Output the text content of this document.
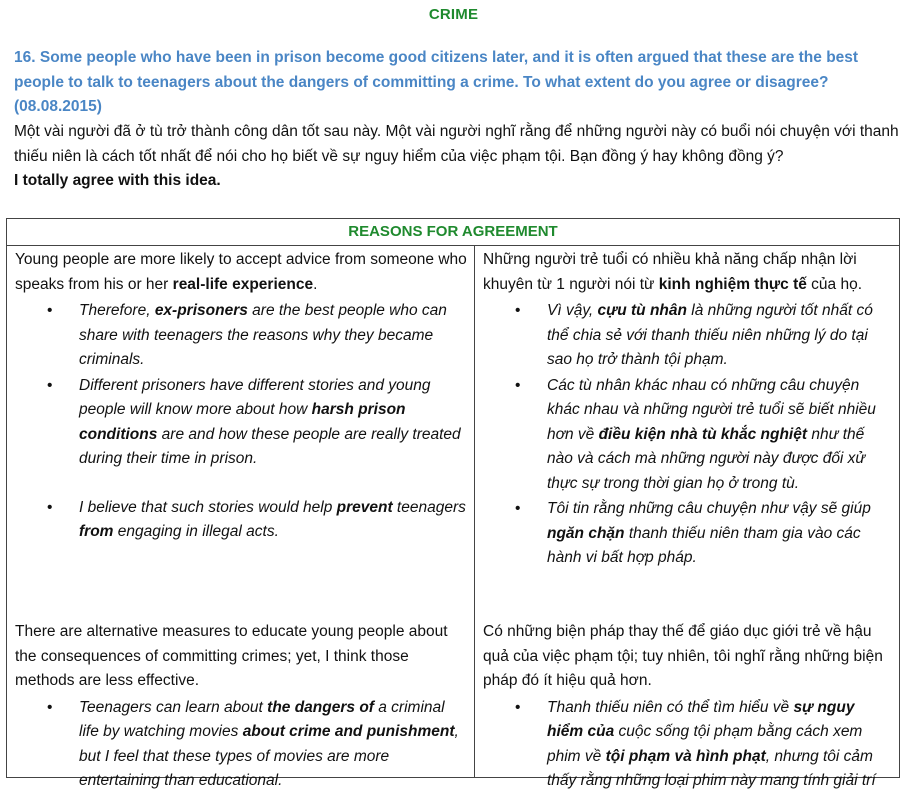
CRIME
16. Some people who have been in prison become good citizens later, and it is often argued that these are the best people to talk to teenagers about the dangers of committing a crime. To what extent do you agree or disagree? (08.08.2015)
Một vài người đã ở tù trở thành công dân tốt sau này. Một vài người nghĩ rằng để những người này có buổi nói chuyện với thanh thiếu niên là cách tốt nhất để nói cho họ biết về sự nguy hiểm của việc phạm tội. Bạn đồng ý hay không đồng ý?
I totally agree with this idea.
REASONS FOR AGREEMENT

Young people are more likely to accept advice from someone who speaks from his or her real-life experience.

• Therefore, ex-prisoners are the best people who can share with teenagers the reasons why they became criminals.
• Different prisoners have different stories and young people will know more about how harsh prison conditions are and how these people are really treated during their time in prison.
• I believe that such stories would help prevent teenagers from engaging in illegal acts.

There are alternative measures to educate young people about the consequences of committing crimes; yet, I think those methods are less effective.

• Teenagers can learn about the dangers of a criminal life by watching movies about crime and punishment, but I feel that these types of movies are more entertaining than educational.

Những người trẻ tuổi có nhiều khả năng chấp nhận lời khuyên từ 1 người nói từ kinh nghiệm thực tế của họ.

• Vì vậy, cựu tù nhân là những người tốt nhất có thể chia sẻ với thanh thiếu niên những lý do tại sao họ trở thành tội phạm.
• Các tù nhân khác nhau có những câu chuyện khác nhau và những người trẻ tuổi sẽ biết nhiều hơn về điều kiện nhà tù khắc nghiệt như thế nào và cách mà những người này được đối xử thực sự trong thời gian họ ở trong tù.
• Tôi tin rằng những câu chuyện như vậy sẽ giúp ngăn chặn thanh thiếu niên tham gia vào các hành vi bất hợp pháp.

Có những biện pháp thay thế để giáo dục giới trẻ về hậu quả của việc phạm tội; tuy nhiên, tôi nghĩ rằng những biện pháp đó ít hiệu quả hơn.

• Thanh thiếu niên có thể tìm hiểu về sự nguy hiểm của cuộc sống tội phạm bằng cách xem phim về tội phạm và hình phạt, nhưng tôi cảm thấy rằng những loại phim này mang tính giải trí
